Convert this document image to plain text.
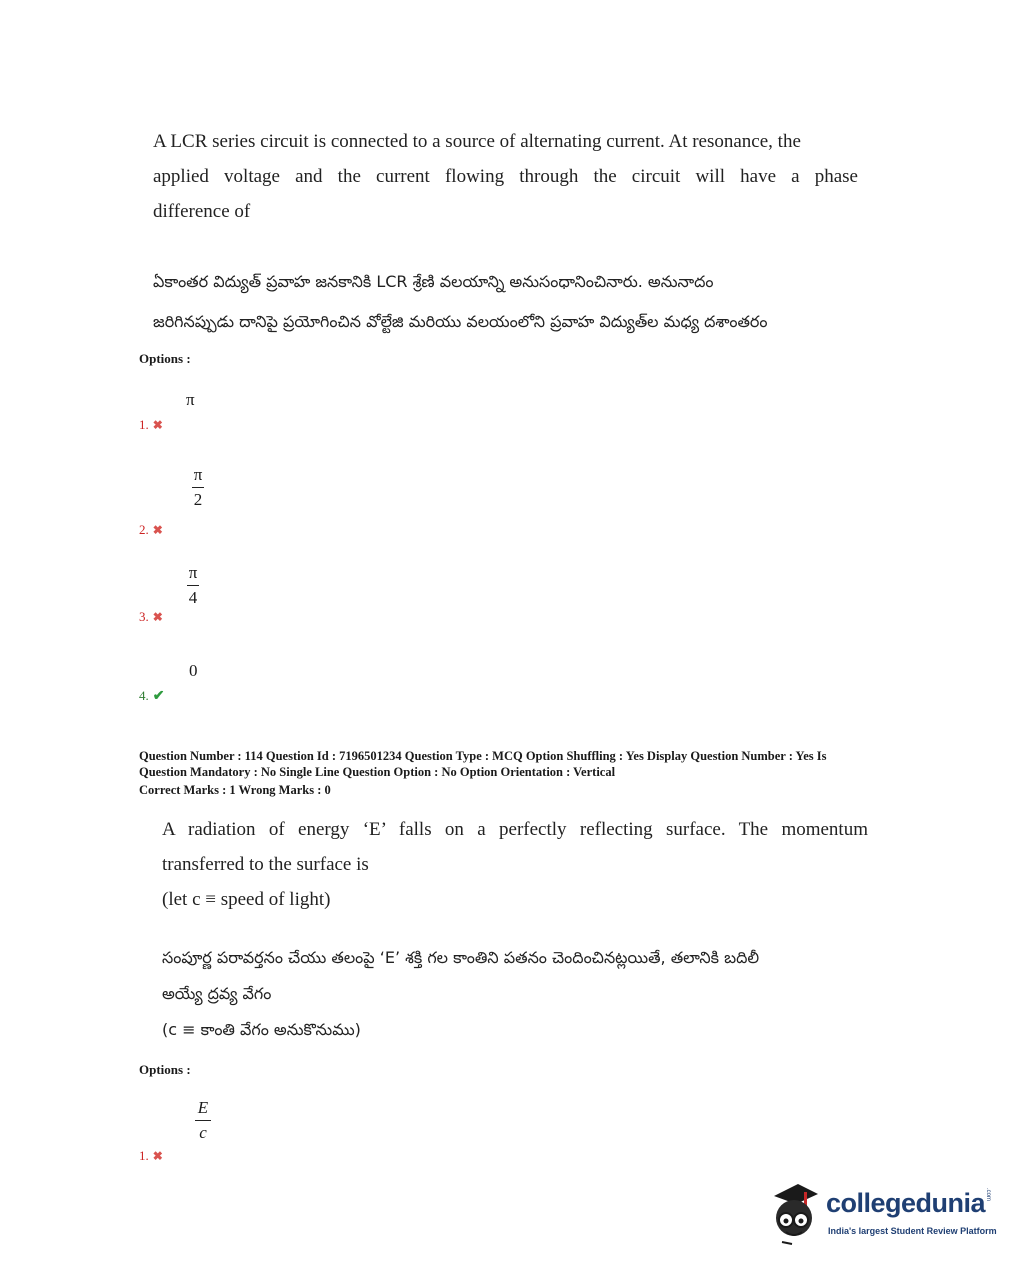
A LCR series circuit is connected to a source of alternating current. At resonance, the
applied voltage and the current flowing through the circuit will have a phase
difference of
ఏకాంతర విద్యుత్ ప్రవాహ జనకానికి LCR శ్రేణి వలయాన్ని అనుసంధానించినారు. అనునాదం
జరిగినప్పుడు దానిపై ప్రయోగించిన వోల్టేజి మరియు వలయంలోని ప్రవాహ విద్యుత్‌ల మధ్య దశాంతరం
Options :
π
1. ✖
π
2
2. ✖
π
4
3. ✖
0
4. ✔
Question Number : 114 Question Id : 7196501234 Question Type : MCQ Option Shuffling : Yes Display Question Number : Yes Is
Question Mandatory : No Single Line Question Option : No Option Orientation : Vertical
Correct Marks : 1 Wrong Marks : 0
A radiation of energy ‘E’ falls on a perfectly reflecting surface. The momentum
transferred to the surface is
(let c ≡ speed of light)
సంపూర్ణ పరావర్తనం చేయు తలంపై ‘E’ శక్తి గల కాంతిని పతనం చెందించినట్లయితే, తలానికి బదిలీ
అయ్యే ద్రవ్య వేగం
(c ≡ కాంతి వేగం అనుకొనుము)
Options :
E
c
1. ✖
collegedunia.com
India's largest Student Review Platform
